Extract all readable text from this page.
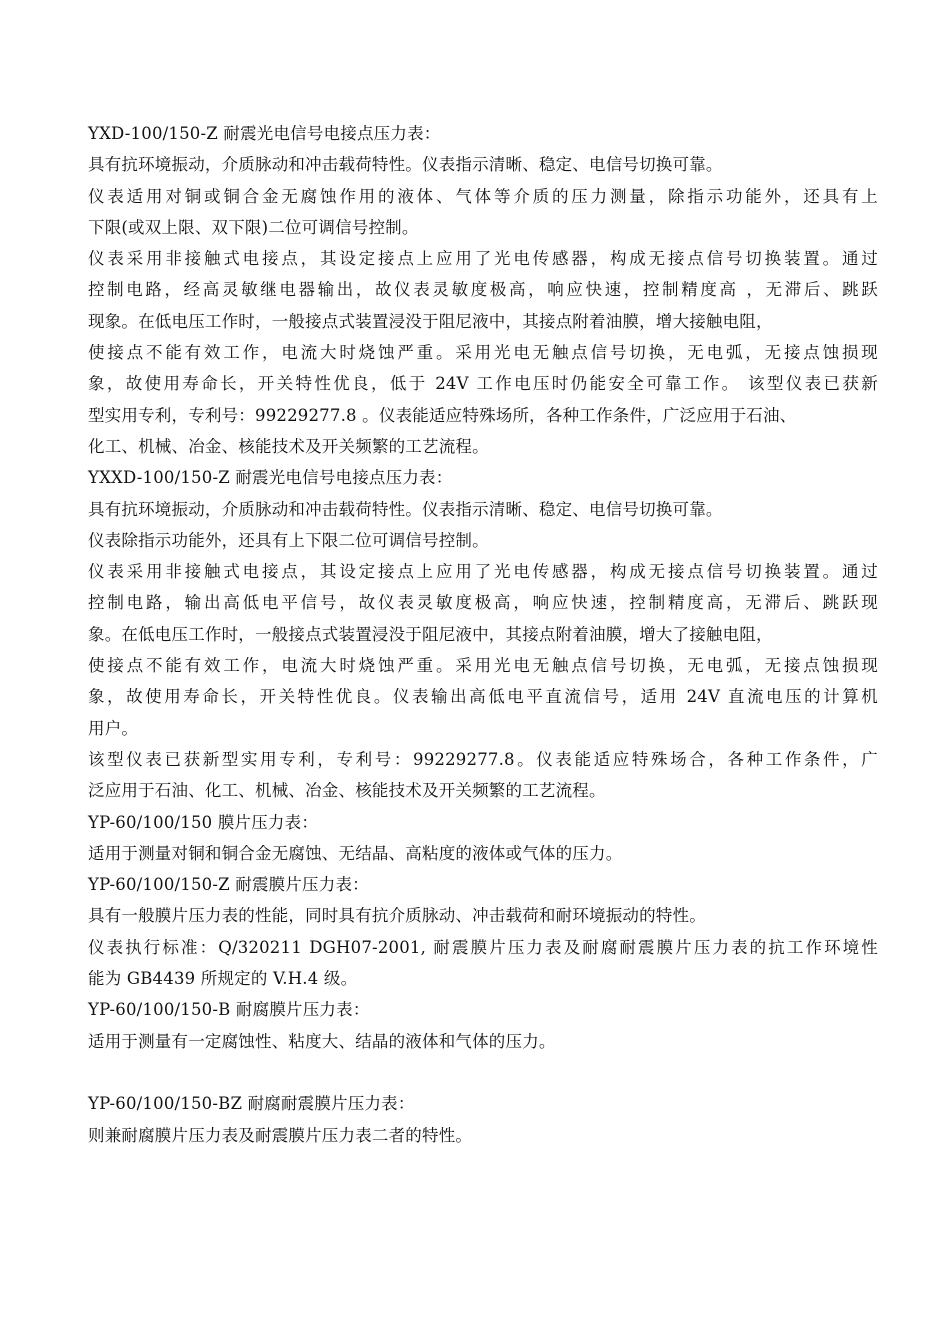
YXD-100/150-Z 耐震光电信号电接点压力表：
具有抗环境振动，介质脉动和冲击载荷特性。仪表指示清晰、稳定、电信号切换可靠。
仪表适用对铜或铜合金无腐蚀作用的液体、气体等介质的压力测量，除指示功能外，还具有上
下限(或双上限、双下限)二位可调信号控制。
仪表采用非接触式电接点，其设定接点上应用了光电传感器，构成无接点信号切换装置。通过
控制电路，经高灵敏继电器输出，故仪表灵敏度极高，响应快速，控制精度高 ，无滞后、跳跃
现象。在低电压工作时，一般接点式装置浸没于阻尼液中，其接点附着油膜，增大接触电阻，
使接点不能有效工作，电流大时烧蚀严重。采用光电无触点信号切换，无电弧，无接点蚀损现
象，故使用寿命长，开关特性优良，低于 24V 工作电压时仍能安全可靠工作。 该型仪表已获新
型实用专利，专利号：99229277.8 。仪表能适应特殊场所，各种工作条件，广泛应用于石油、
化工、机械、冶金、核能技术及开关频繁的工艺流程。
YXXD-100/150-Z 耐震光电信号电接点压力表：
具有抗环境振动，介质脉动和冲击载荷特性。仪表指示清晰、稳定、电信号切换可靠。
仪表除指示功能外，还具有上下限二位可调信号控制。
仪表采用非接触式电接点，其设定接点上应用了光电传感器，构成无接点信号切换装置。通过
控制电路，输出高低电平信号，故仪表灵敏度极高，响应快速，控制精度高，无滞后、跳跃现
象。在低电压工作时，一般接点式装置浸没于阻尼液中，其接点附着油膜，增大了接触电阻，
使接点不能有效工作，电流大时烧蚀严重。采用光电无触点信号切换，无电弧，无接点蚀损现
象，故使用寿命长，开关特性优良。仪表输出高低电平直流信号，适用 24V 直流电压的计算机
用户。
该型仪表已获新型实用专利，专利号：99229277.8。仪表能适应特殊场合，各种工作条件，广
泛应用于石油、化工、机械、冶金、核能技术及开关频繁的工艺流程。
YP-60/100/150 膜片压力表：
适用于测量对铜和铜合金无腐蚀、无结晶、高粘度的液体或气体的压力。
YP-60/100/150-Z 耐震膜片压力表：
具有一般膜片压力表的性能，同时具有抗介质脉动、冲击载荷和耐环境振动的特性。
仪表执行标准：Q/320211 DGH07-2001, 耐震膜片压力表及耐腐耐震膜片压力表的抗工作环境性
能为 GB4439 所规定的 V.H.4 级。
YP-60/100/150-B 耐腐膜片压力表：
适用于测量有一定腐蚀性、粘度大、结晶的液体和气体的压力。
YP-60/100/150-BZ 耐腐耐震膜片压力表：
则兼耐腐膜片压力表及耐震膜片压力表二者的特性。
